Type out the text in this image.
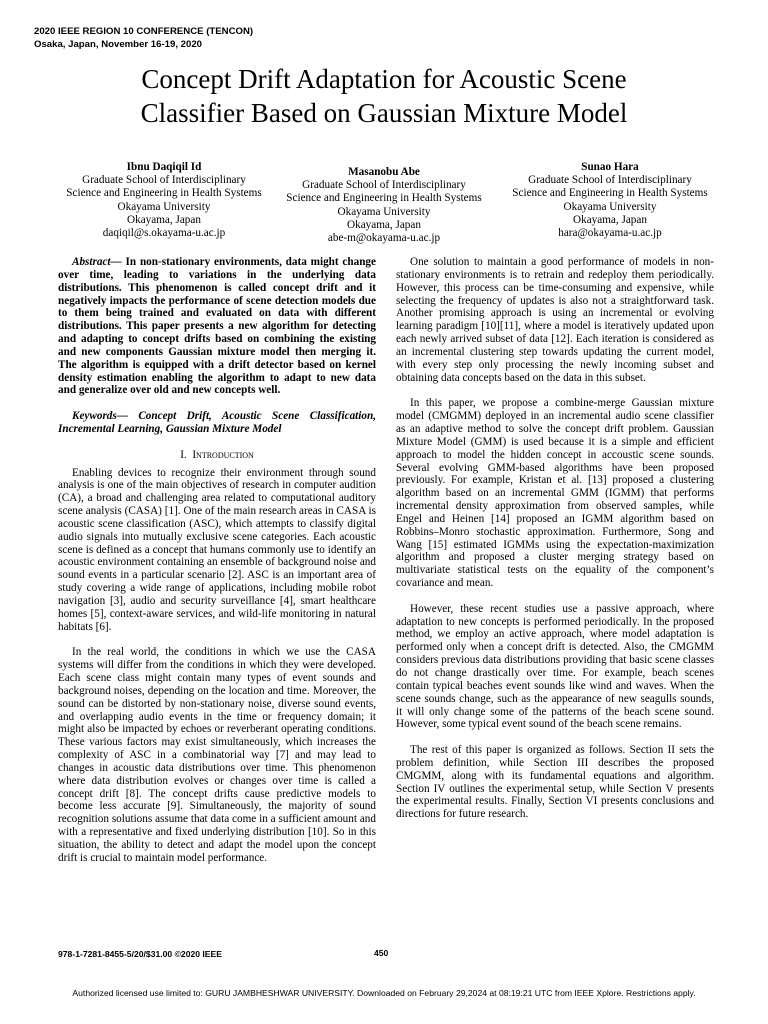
2020 IEEE REGION 10 CONFERENCE (TENCON)
Osaka, Japan, November 16-19, 2020
Concept Drift Adaptation for Acoustic Scene
Classifier Based on Gaussian Mixture Model
Ibnu Daqiqil Id
Graduate School of Interdisciplinary
Science and Engineering in Health Systems
Okayama University
Okayama, Japan
daqiqil@s.okayama-u.ac.jp
Masanobu Abe
Graduate School of Interdisciplinary
Science and Engineering in Health Systems
Okayama University
Okayama, Japan
abe-m@okayama-u.ac.jp
Sunao Hara
Graduate School of Interdisciplinary
Science and Engineering in Health Systems
Okayama University
Okayama, Japan
hara@okayama-u.ac.jp

Abstract— In non-stationary environments, data might change over time, leading to variations in the underlying data distributions. This phenomenon is called concept drift and it negatively impacts the performance of scene detection models due to them being trained and evaluated on data with different distributions. This paper presents a new algorithm for detecting and adapting to concept drifts based on combining the existing and new components Gaussian mixture model then merging it. The algorithm is equipped with a drift detector based on kernel density estimation enabling the algorithm to adapt to new data and generalize over old and new concepts well.

Keywords— Concept Drift, Acoustic Scene Classification, Incremental Learning, Gaussian Mixture Model

I. Introduction

Enabling devices to recognize their environment through sound analysis is one of the main objectives of research in computer audition (CA), a broad and challenging area related to computational auditory scene analysis (CASA) [1]. One of the main research areas in CASA is acoustic scene classification (ASC), which attempts to classify digital audio signals into mutually exclusive scene categories. Each acoustic scene is defined as a concept that humans commonly use to identify an acoustic environment containing an ensemble of background noise and sound events in a particular scenario [2]. ASC is an important area of study covering a wide range of applications, including mobile robot navigation [3], audio and security surveillance [4], smart healthcare homes [5], context-aware services, and wild-life monitoring in natural habitats [6].

In the real world, the conditions in which we use the CASA systems will differ from the conditions in which they were developed. Each scene class might contain many types of event sounds and background noises, depending on the location and time. Moreover, the sound can be distorted by non-stationary noise, diverse sound events, and overlapping audio events in the time or frequency domain; it might also be impacted by echoes or reverberant operating conditions. These various factors may exist simultaneously, which increases the complexity of ASC in a combinatorial way [7] and may lead to changes in acoustic data distributions over time. This phenomenon where data distribution evolves or changes over time is called a concept drift [8]. The concept drifts cause predictive models to become less accurate [9]. Simultaneously, the majority of sound recognition solutions assume that data come in a sufficient amount and with a representative and fixed underlying distribution [10]. So in this situation, the ability to detect and adapt the model upon the concept drift is crucial to maintain model performance.

One solution to maintain a good performance of models in non-stationary environments is to retrain and redeploy them periodically. However, this process can be time-consuming and expensive, while selecting the frequency of updates is also not a straightforward task. Another promising approach is using an incremental or evolving learning paradigm [10][11], where a model is iteratively updated upon each newly arrived subset of data [12]. Each iteration is considered as an incremental clustering step towards updating the current model, with every step only processing the newly incoming subset and obtaining data concepts based on the data in this subset.

In this paper, we propose a combine-merge Gaussian mixture model (CMGMM) deployed in an incremental audio scene classifier as an adaptive method to solve the concept drift problem. Gaussian Mixture Model (GMM) is used because it is a simple and efficient approach to model the hidden concept in accoustic scene sounds. Several evolving GMM-based algorithms have been proposed previously. For example, Kristan et al. [13] proposed a clustering algorithm based on an incremental GMM (IGMM) that performs incremental density approximation from observed samples, while Engel and Heinen [14] proposed an IGMM algorithm based on Robbins–Monro stochastic approximation. Furthermore, Song and Wang [15] estimated IGMMs using the expectation-maximization algorithm and proposed a cluster merging strategy based on multivariate statistical tests on the equality of the component’s covariance and mean.

However, these recent studies use a passive approach, where adaptation to new concepts is performed periodically. In the proposed method, we employ an active approach, where model adaptation is performed only when a concept drift is detected. Also, the CMGMM considers previous data distributions providing that basic scene classes do not change drastically over time. For example, beach scenes contain typical beaches event sounds like wind and waves. When the scene sounds change, such as the appearance of new seagulls sounds, it will only change some of the patterns of the beach scene sound. However, some typical event sound of the beach scene remains.

The rest of this paper is organized as follows. Section II sets the problem definition, while Section III describes the proposed CMGMM, along with its fundamental equations and algorithm. Section IV outlines the experimental setup, while Section V presents the experimental results. Finally, Section VI presents conclusions and directions for future research.

978-1-7281-8455-5/20/$31.00 ©2020 IEEE	450
Authorized licensed use limited to: GURU JAMBHESHWAR UNIVERSITY. Downloaded on February 29,2024 at 08:19:21 UTC from IEEE Xplore. Restrictions apply.
